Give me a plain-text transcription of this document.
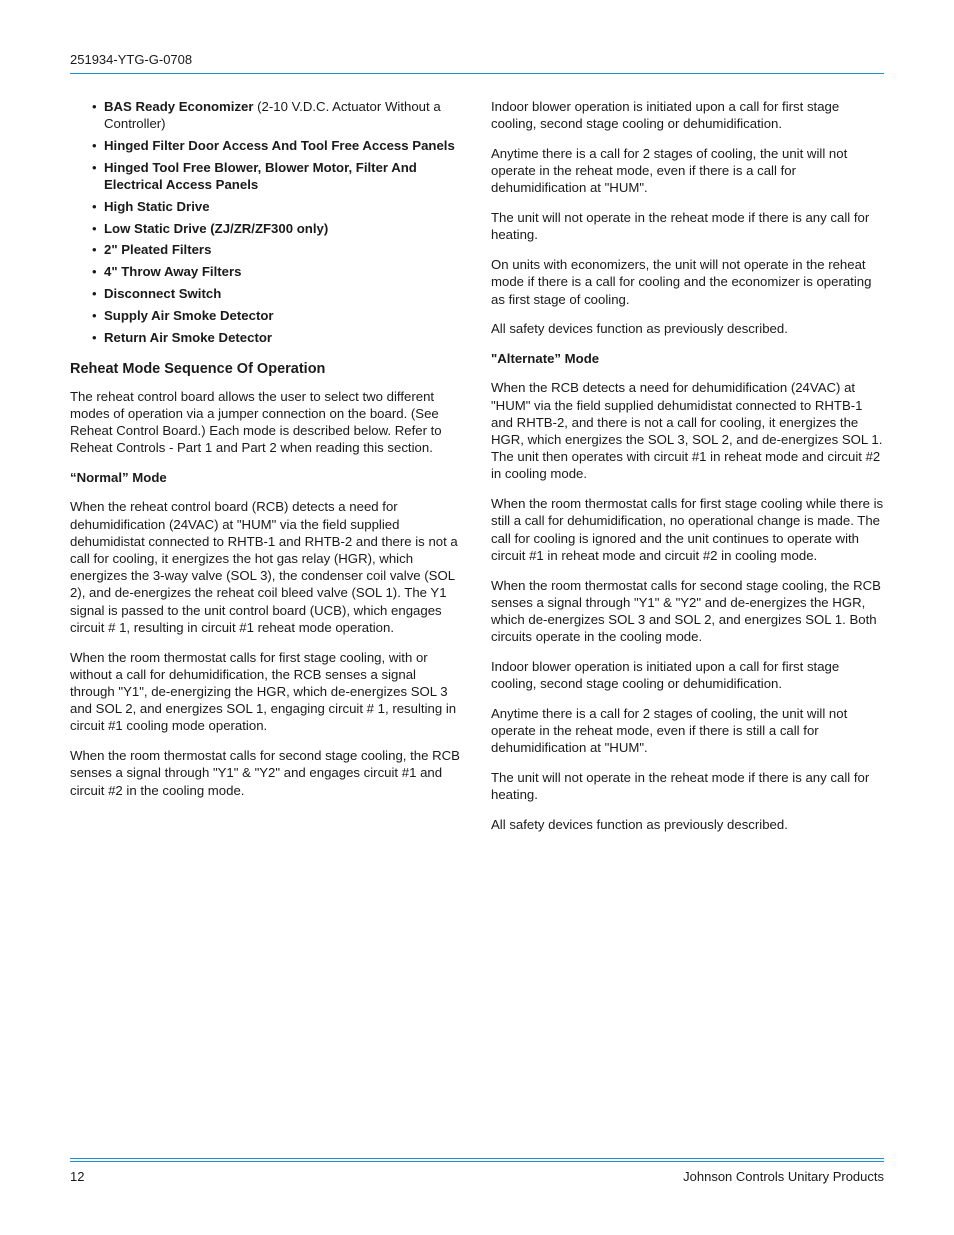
251934-YTG-G-0708
• BAS Ready Economizer (2-10 V.D.C. Actuator Without a Controller)
• Hinged Filter Door Access And Tool Free Access Panels
• Hinged Tool Free Blower, Blower Motor, Filter And Electrical Access Panels
• High Static Drive
• Low Static Drive (ZJ/ZR/ZF300 only)
• 2" Pleated Filters
• 4" Throw Away Filters
• Disconnect Switch
• Supply Air Smoke Detector
• Return Air Smoke Detector
Reheat Mode Sequence Of Operation

The reheat control board allows the user to select two different modes of operation via a jumper connection on the board. (See Reheat Control Board.) Each mode is described below. Refer to Reheat Controls - Part 1 and Part 2 when reading this section.

“Normal” Mode

When the reheat control board (RCB) detects a need for dehumidification (24VAC) at "HUM" via the field supplied dehumidistat connected to RHTB-1 and RHTB-2 and there is not a call for cooling, it energizes the hot gas relay (HGR), which energizes the 3-way valve (SOL 3), the condenser coil valve (SOL 2), and de-energizes the reheat coil bleed valve (SOL 1). The Y1 signal is passed to the unit control board (UCB), which engages circuit # 1, resulting in circuit #1 reheat mode operation.

When the room thermostat calls for first stage cooling, with or without a call for dehumidification, the RCB senses a signal through "Y1", de-energizing the HGR, which de-energizes SOL 3 and SOL 2, and energizes SOL 1, engaging circuit # 1, resulting in circuit #1 cooling mode operation.

When the room thermostat calls for second stage cooling, the RCB senses a signal through "Y1" & "Y2" and engages circuit #1 and circuit #2 in the cooling mode.

Indoor blower operation is initiated upon a call for first stage cooling, second stage cooling or dehumidification.

Anytime there is a call for 2 stages of cooling, the unit will not operate in the reheat mode, even if there is a call for dehumidification at "HUM".

The unit will not operate in the reheat mode if there is any call for heating.

On units with economizers, the unit will not operate in the reheat mode if there is a call for cooling and the economizer is operating as first stage of cooling.

All safety devices function as previously described.

"Alternate” Mode

When the RCB detects a need for dehumidification (24VAC) at "HUM" via the field supplied dehumidistat connected to RHTB-1 and RHTB-2, and there is not a call for cooling, it energizes the HGR, which energizes the SOL 3, SOL 2, and de-energizes SOL 1. The unit then operates with circuit #1 in reheat mode and circuit #2 in cooling mode.

When the room thermostat calls for first stage cooling while there is still a call for dehumidification, no operational change is made. The call for cooling is ignored and the unit continues to operate with circuit #1 in reheat mode and circuit #2 in cooling mode.

When the room thermostat calls for second stage cooling, the RCB senses a signal through "Y1" & "Y2" and de-energizes the HGR, which de-energizes SOL 3 and SOL 2, and energizes SOL 1. Both circuits operate in the cooling mode.

Indoor blower operation is initiated upon a call for first stage cooling, second stage cooling or dehumidification.

Anytime there is a call for 2 stages of cooling, the unit will not operate in the reheat mode, even if there is still a call for dehumidification at "HUM".

The unit will not operate in the reheat mode if there is any call for heating.

All safety devices function as previously described.

12	Johnson Controls Unitary Products
